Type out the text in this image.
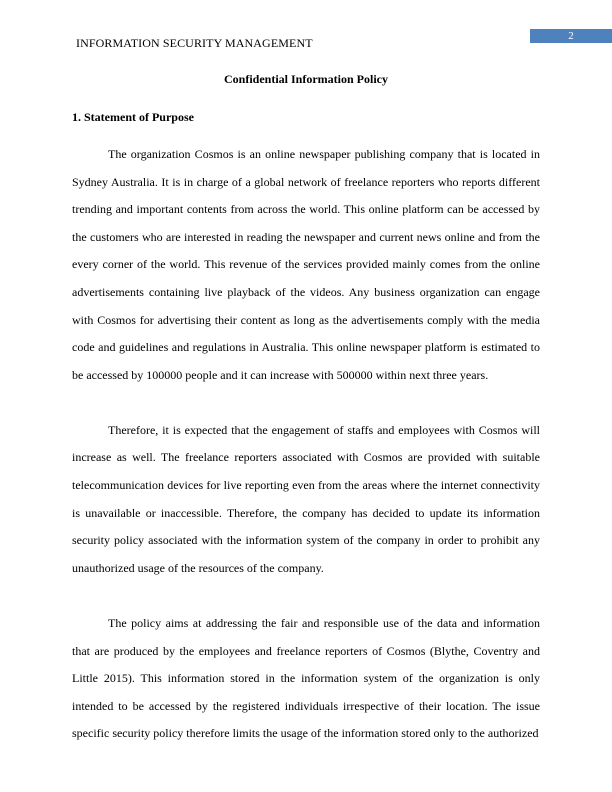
2
INFORMATION SECURITY MANAGEMENT
Confidential Information Policy
1. Statement of Purpose

The organization Cosmos is an online newspaper publishing company that is located in Sydney Australia. It is in charge of a global network of freelance reporters who reports different trending and important contents from across the world. This online platform can be accessed by the customers who are interested in reading the newspaper and current news online and from the every corner of the world. This revenue of the services provided mainly comes from the online advertisements containing live playback of the videos. Any business organization can engage with Cosmos for advertising their content as long as the advertisements comply with the media code and guidelines and regulations in Australia. This online newspaper platform is estimated to be accessed by 100000 people and it can increase with 500000 within next three years.

Therefore, it is expected that the engagement of staffs and employees with Cosmos will increase as well. The freelance reporters associated with Cosmos are provided with suitable telecommunication devices for live reporting even from the areas where the internet connectivity is unavailable or inaccessible. Therefore, the company has decided to update its information security policy associated with the information system of the company in order to prohibit any unauthorized usage of the resources of the company.

The policy aims at addressing the fair and responsible use of the data and information that are produced by the employees and freelance reporters of Cosmos (Blythe, Coventry and Little 2015). This information stored in the information system of the organization is only intended to be accessed by the registered individuals irrespective of their location. The issue specific security policy therefore limits the usage of the information stored only to the authorized
